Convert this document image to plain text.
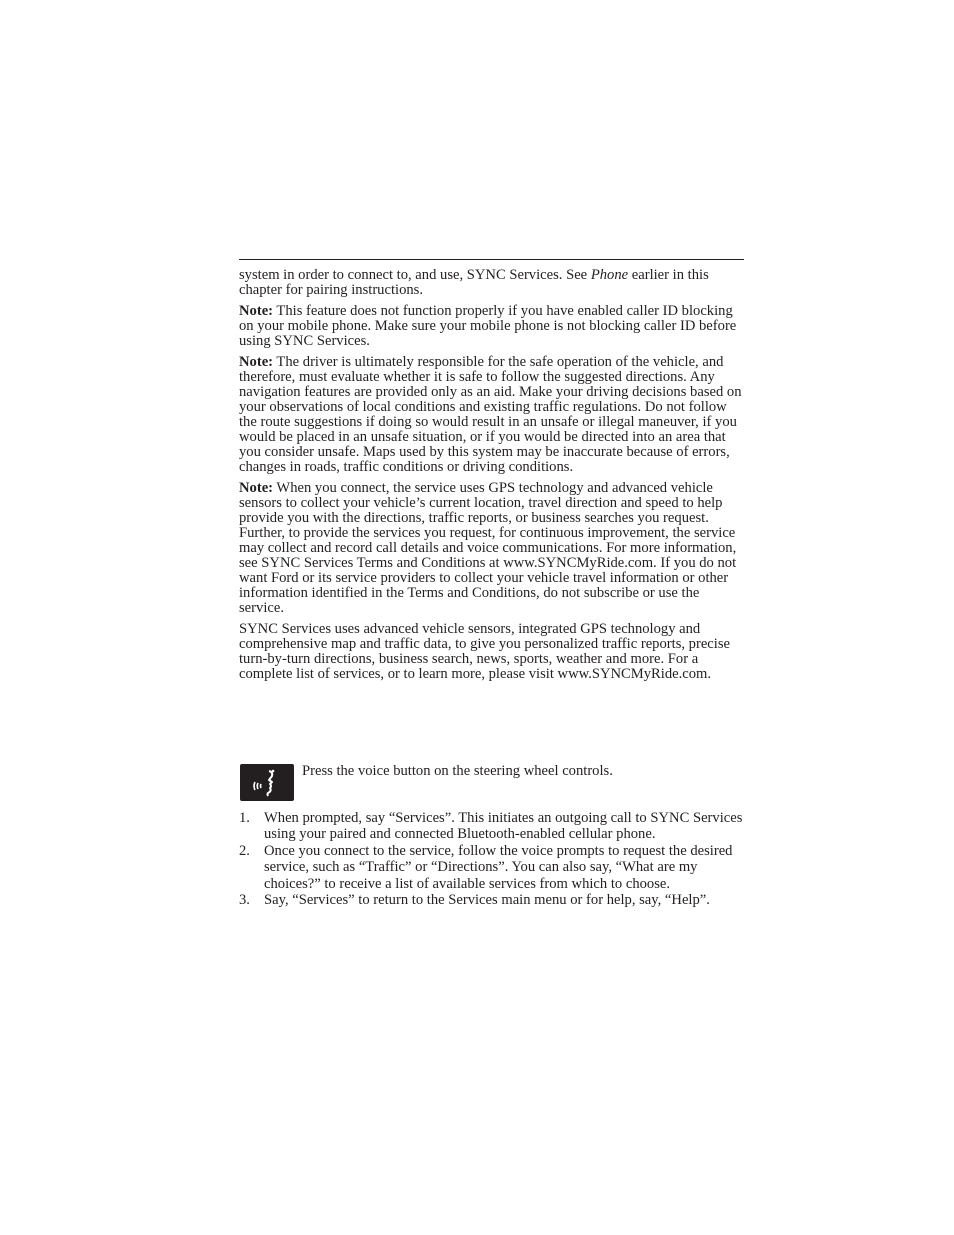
system in order to connect to, and use, SYNC Services. See Phone earlier in this chapter for pairing instructions.

Note: This feature does not function properly if you have enabled caller ID blocking on your mobile phone. Make sure your mobile phone is not blocking caller ID before using SYNC Services.

Note: The driver is ultimately responsible for the safe operation of the vehicle, and therefore, must evaluate whether it is safe to follow the suggested directions. Any navigation features are provided only as an aid. Make your driving decisions based on your observations of local conditions and existing traffic regulations. Do not follow the route suggestions if doing so would result in an unsafe or illegal maneuver, if you would be placed in an unsafe situation, or if you would be directed into an area that you consider unsafe. Maps used by this system may be inaccurate because of errors, changes in roads, traffic conditions or driving conditions.

Note: When you connect, the service uses GPS technology and advanced vehicle sensors to collect your vehicle’s current location, travel direction and speed to help provide you with the directions, traffic reports, or business searches you request. Further, to provide the services you request, for continuous improvement, the service may collect and record call details and voice communications. For more information, see SYNC Services Terms and Conditions at www.SYNCMyRide.com. If you do not want Ford or its service providers to collect your vehicle travel information or other information identified in the Terms and Conditions, do not subscribe or use the service.

SYNC Services uses advanced vehicle sensors, integrated GPS technology and comprehensive map and traffic data, to give you personalized traffic reports, precise turn-by-turn directions, business search, news, sports, weather and more. For a complete list of services, or to learn more, please visit www.SYNCMyRide.com.

Press the voice button on the steering wheel controls.
1. When prompted, say “Services”. This initiates an outgoing call to SYNC Services using your paired and connected Bluetooth-enabled cellular phone.
2. Once you connect to the service, follow the voice prompts to request the desired service, such as “Traffic” or “Directions”. You can also say, “What are my choices?” to receive a list of available services from which to choose.
3. Say, “Services” to return to the Services main menu or for help, say, “Help”.
